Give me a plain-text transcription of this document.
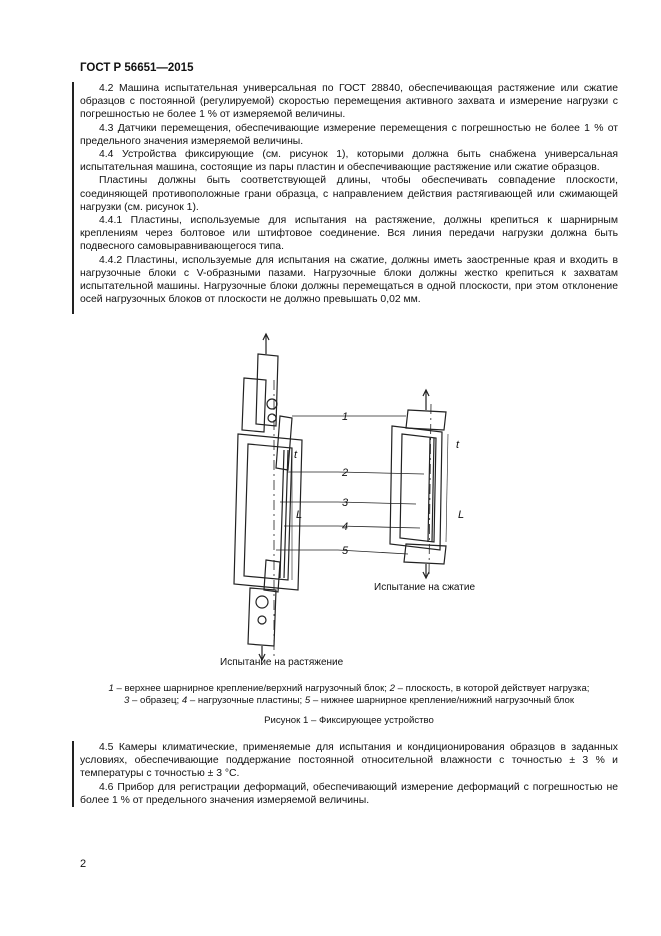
ГОСТ Р 56651—2015

4.2 Машина испытательная универсальная по ГОСТ 28840, обеспечивающая растяжение или сжатие образцов с постоянной (регулируемой) скоростью перемещения активного захвата и измерение нагрузки с погрешностью не более 1 % от измеряемой величины.

4.3 Датчики перемещения, обеспечивающие измерение перемещения с погрешностью не более 1 % от предельного значения измеряемой величины.

4.4 Устройства фиксирующие (см. рисунок 1), которыми должна быть снабжена универсальная испытательная машина, состоящие из пары пластин и обеспечивающие растяжение или сжатие образцов.

Пластины должны быть соответствующей длины, чтобы обеспечивать совпадение плоскости, соединяющей противоположные грани образца, с направлением действия растягивающей или сжимающей нагрузки (см. рисунок 1).

4.4.1 Пластины, используемые для испытания на растяжение, должны крепиться к шарнирным креплениям через болтовое или штифтовое соединение. Вся линия передачи нагрузки должна быть подвесного самовыравнивающегося типа.

4.4.2 Пластины, используемые для испытания на сжатие, должны иметь заостренные края и входить в нагрузочные блоки с V-образными пазами. Нагрузочные блоки должны жестко крепиться к захватам испытательной машины. Нагрузочные блоки должны перемещаться в одной плоскости, при этом отклонение осей нагрузочных блоков от плоскости не должно превышать 0,02 мм.

1
2
3
4
5
t
L
t
L
Испытание на сжатие
Испытание на растяжение
1 – верхнее шарнирное крепление/верхний нагрузочный блок; 2 – плоскость, в которой действует нагрузка;
3 – образец; 4 – нагрузочные пластины; 5 – нижнее шарнирное крепление/нижний нагрузочный блок
Рисунок 1 – Фиксирующее устройство

4.5 Камеры климатические, применяемые для испытания и кондиционирования образцов в заданных условиях, обеспечивающие поддержание постоянной относительной влажности с точностью ± 3 % и температуры с точностью ± 3 °С.

4.6 Прибор для регистрации деформаций, обеспечивающий измерение деформаций с погрешностью не более 1 % от предельного значения измеряемой величины.

2
